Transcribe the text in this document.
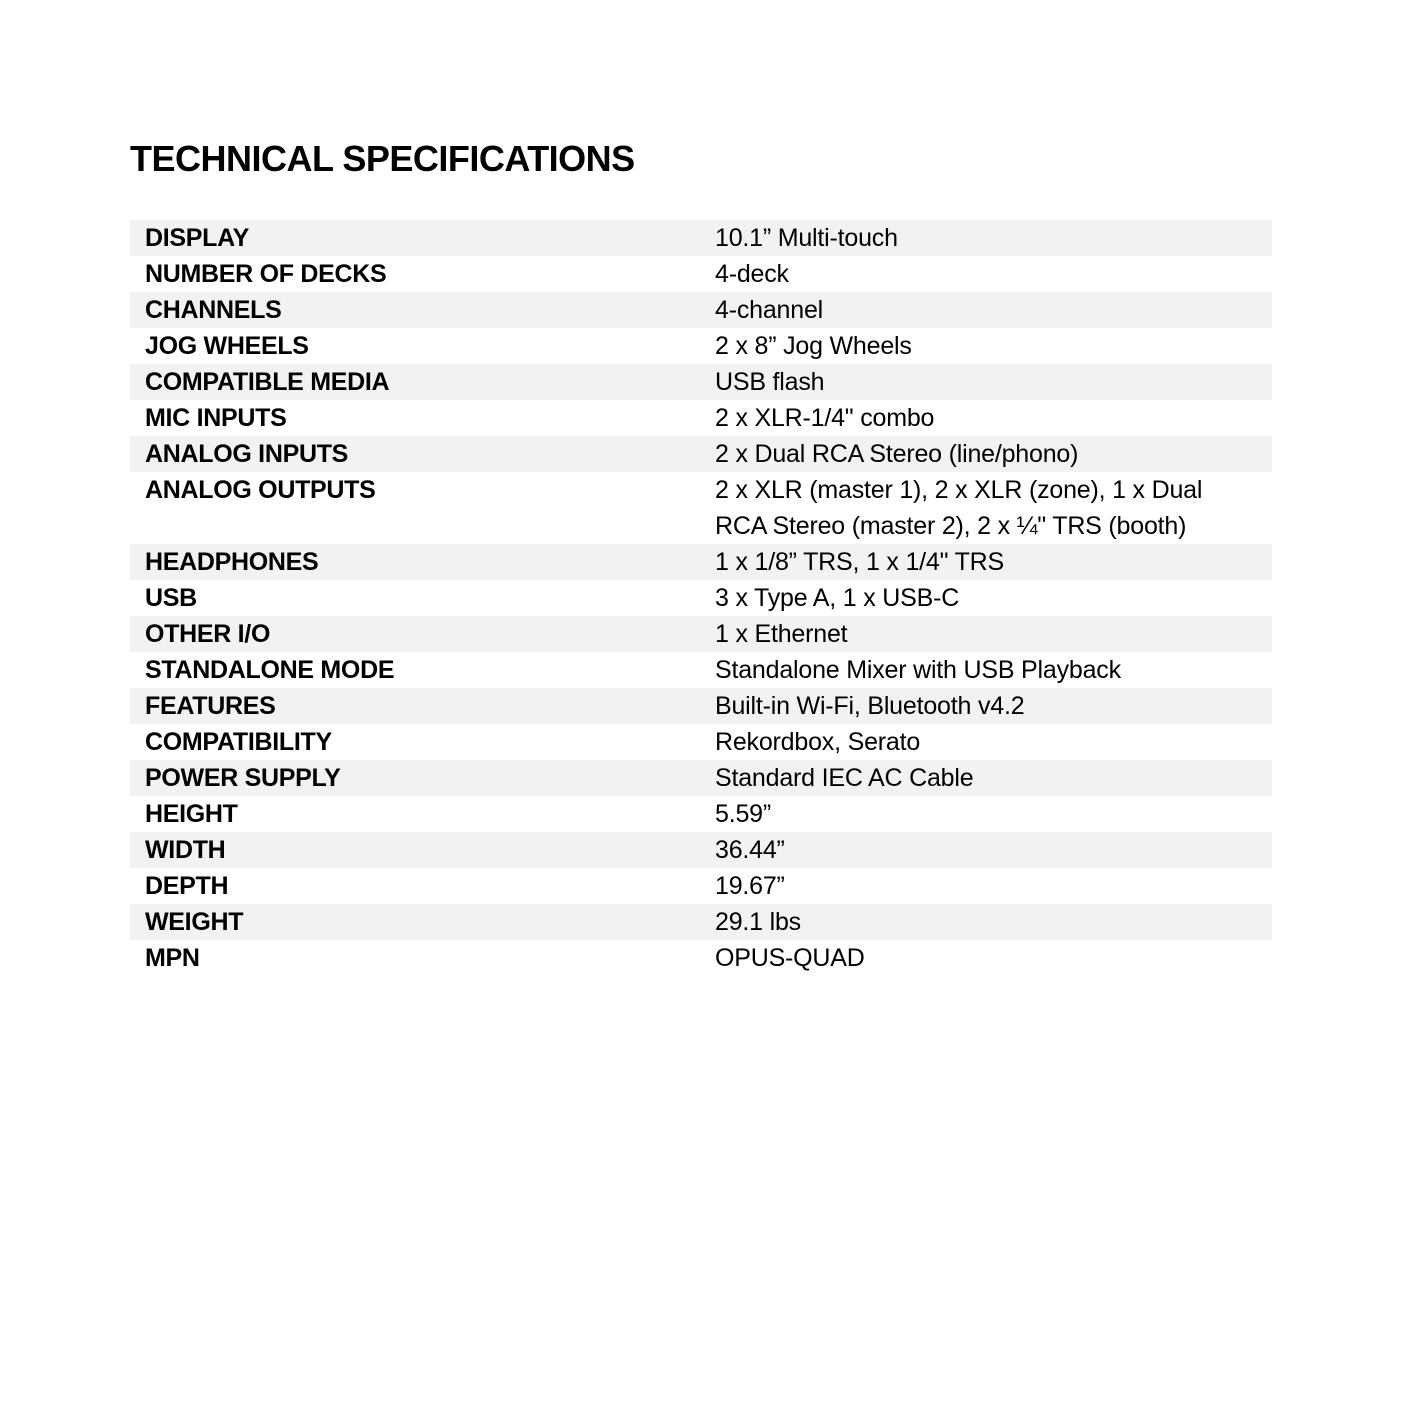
TECHNICAL SPECIFICATIONS
DISPLAY	10.1” Multi-touch
NUMBER OF DECKS	4-deck
CHANNELS	4-channel
JOG WHEELS	2 x 8” Jog Wheels
COMPATIBLE MEDIA	USB flash
MIC INPUTS	2 x XLR-1/4" combo
ANALOG INPUTS	2 x Dual RCA Stereo (line/phono)
ANALOG OUTPUTS	2 x XLR (master 1), 2 x XLR (zone), 1 x Dual RCA Stereo (master 2), 2 x ¼" TRS (booth)
HEADPHONES	1 x 1/8” TRS, 1 x 1/4" TRS
USB	3 x Type A, 1 x USB-C
OTHER I/O	1 x Ethernet
STANDALONE MODE	Standalone Mixer with USB Playback
FEATURES	Built-in Wi-Fi, Bluetooth v4.2
COMPATIBILITY	Rekordbox, Serato
POWER SUPPLY	Standard IEC AC Cable
HEIGHT	5.59”
WIDTH	36.44”
DEPTH	19.67”
WEIGHT	29.1 lbs
MPN	OPUS-QUAD
